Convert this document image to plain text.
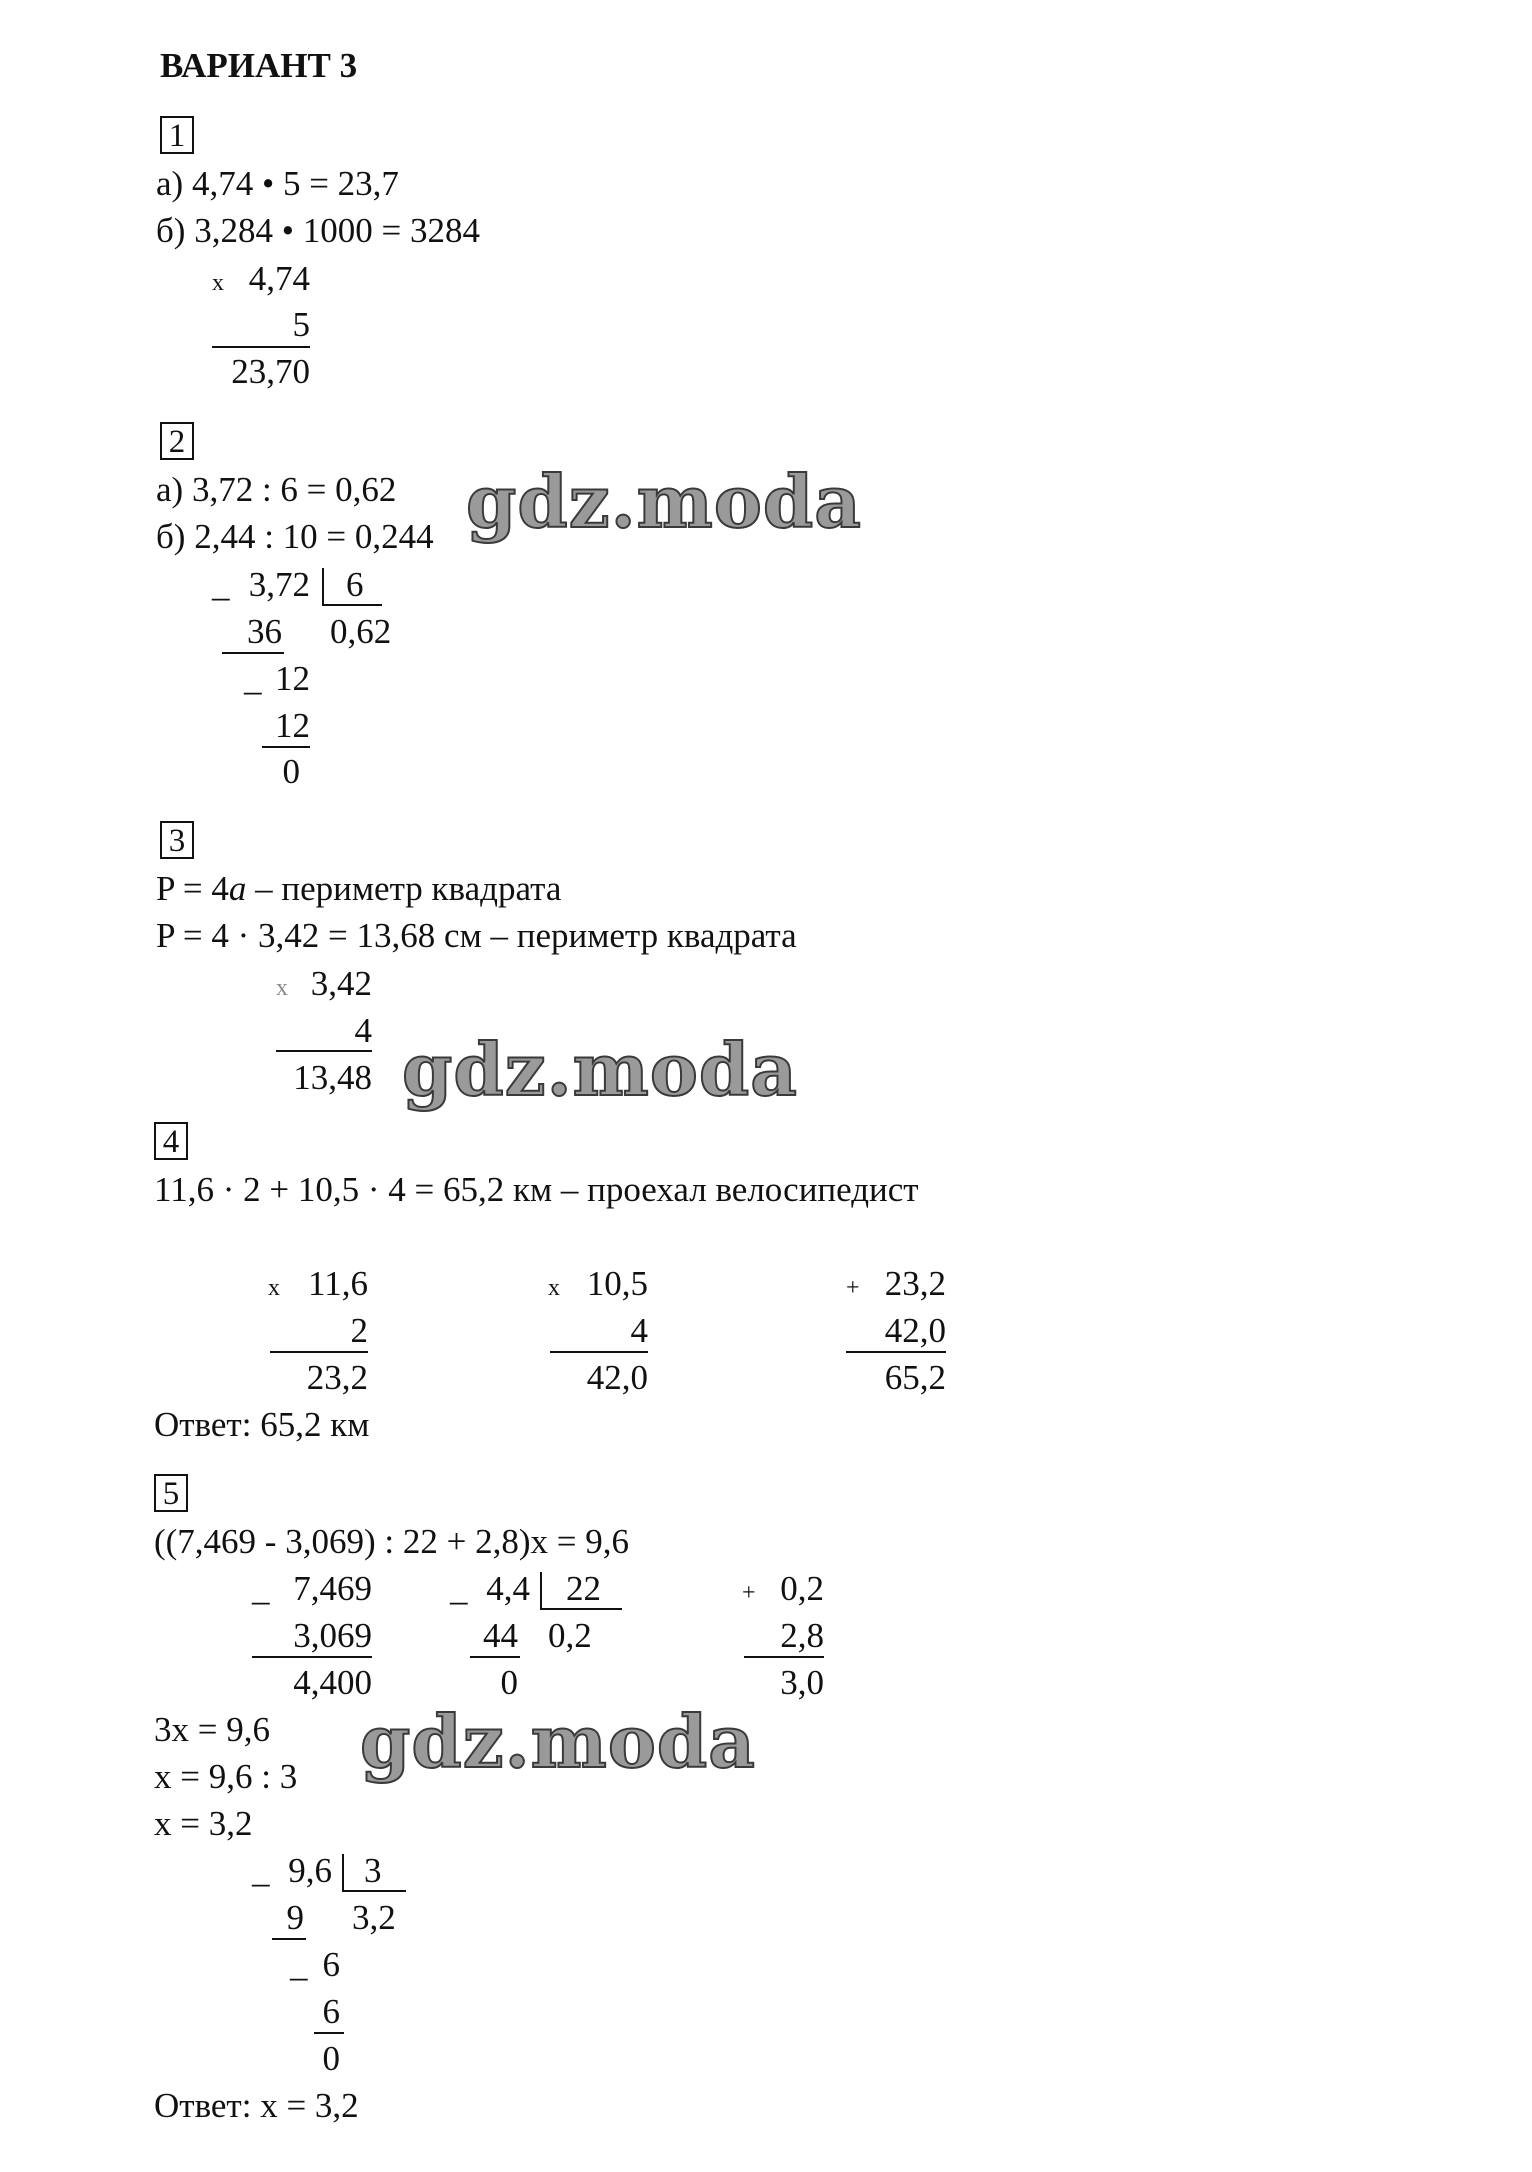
ВАРИАНТ 3
1
а) 4,74 • 5 = 23,7
б) 3,284 • 1000 = 3284
x 4,74
5
23,70
2
а) 3,72 : 6 = 0,62
б) 2,44 : 10 = 0,244
_ 3,72 6
36 0,62
_ 12
12
0
3
P = 4a – периметр квадрата
P = 4 · 3,42 = 13,68 см – периметр квадрата
x 3,42
4
13,48
4
11,6 · 2 + 10,5 · 4 = 65,2 км – проехал велосипедист
x 11,6
2
23,2
x 10,5
4
42,0
+ 23,2
42,0
65,2
Ответ: 65,2 км
5
((7,469 - 3,069) : 22 + 2,8)x = 9,6
_ 7,469
3,069
4,400
_ 4,4 22
44 0,2
0
+ 0,2
2,8
3,0
3x = 9,6
x = 9,6 : 3
x = 3,2
_ 9,6 3
9 3,2
_ 6
6
0
Ответ: x = 3,2
gdz.moda
gdz.moda
gdz.moda
